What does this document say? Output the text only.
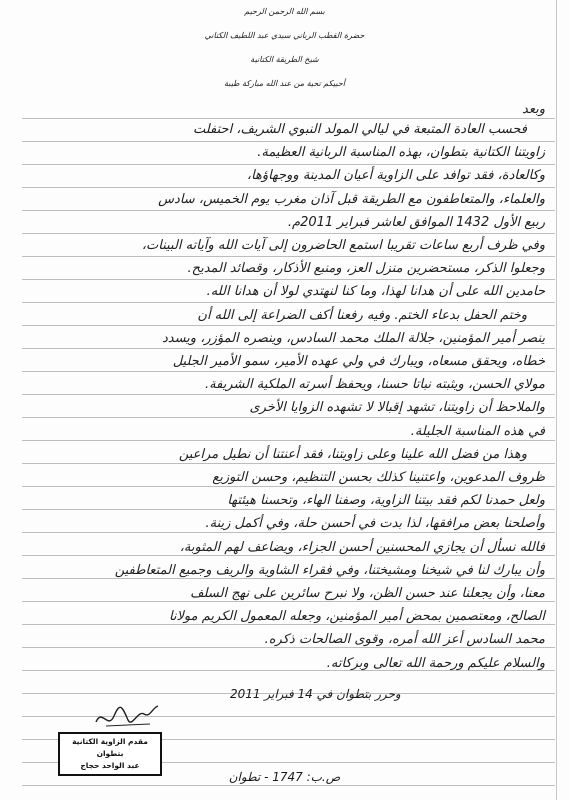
بسم الله الرحمن الرحيم
حضرة القطب الرباني سيدي عبد اللطيف الكتاني
شيخ الطريقة الكتانية
أحييكم تحية من عند الله مباركة طيبة
وبعد
فحسب العادة المتبعة في ليالي المولد النبوي الشريف، احتفلت
زاويتنا الكتانية بتطوان، بهذه المناسبة الربانية العظيمة.
وكالعادة، فقد توافد على الزاوية أعيان المدينة ووجهاؤها،
والعلماء، والمتعاطفون مع الطريقة قبل آذان مغرب يوم الخميس، سادس
ربيع الأول 1432 الموافق لعاشر فبراير 2011م.
وفي ظرف أربع ساعات تقريبا استمع الحاضرون إلى آيات الله وآياته البينات،
وجعلوا الذكر، مستحضرين منزل العز، ومنبع الأذكار، وقصائد المديح.
حامدين الله على أن هدانا لهذا، وما كنا لنهتدي لولا أن هدانا الله.
وختم الحفل بدعاء الختم. وفيه رفعنا أكف الضراعة إلى الله أن
ينصر أمير المؤمنين، جلالة الملك محمد السادس، وينصره المؤزر، ويسدد
خطاه، ويحقق مسعاه، ويبارك في ولي عهده الأمير، سمو الأمير الجليل
مولاي الحسن، ويثبته نباتا حسنا، ويحفظ أسرته الملكية الشريفة.
والملاحظ أن زاويتنا، تشهد إقبالا لا تشهده الزوايا الأخرى
في هذه المناسبة الجليلة.
وهذا من فضل الله علينا وعلى زاويتنا، فقد أعنتنا أن نطيل مراعين
ظروف المدعوين، واعتنينا كذلك بحسن التنظيم، وحسن التوزيع
ولعل حمدنا لكم فقد بيتنا الزاوية، وصفنا الهاء، وتحسنا هيئتها
وأصلحنا بعض مرافقها، لذا بدت في أحسن حلة، وفي أكمل زينة.
فالله نسأل أن يجازي المحسنين أحسن الجزاء، ويضاعف لهم المثوبة،
وأن يبارك لنا في شيخنا ومشيختنا، وفي فقراء الشاوية والريف وجميع المتعاطفين
معنا، وأن يجعلنا عند حسن الظن، ولا نبرح سائرين على نهج السلف
الصالح، ومعتصمين بمحض أمير المؤمنين، وجعله المعمول الكريم مولانا
محمد السادس أعز الله أمره، وقوى الصالحات ذكره.
والسلام عليكم ورحمة الله تعالى وبركاته.
وحرر بتطوان في 14 فبراير 2011
مقدم الزاوية الكتانية
بتطوان
عبد الواحد حجاج
ص.ب: 1747 - تطوان
